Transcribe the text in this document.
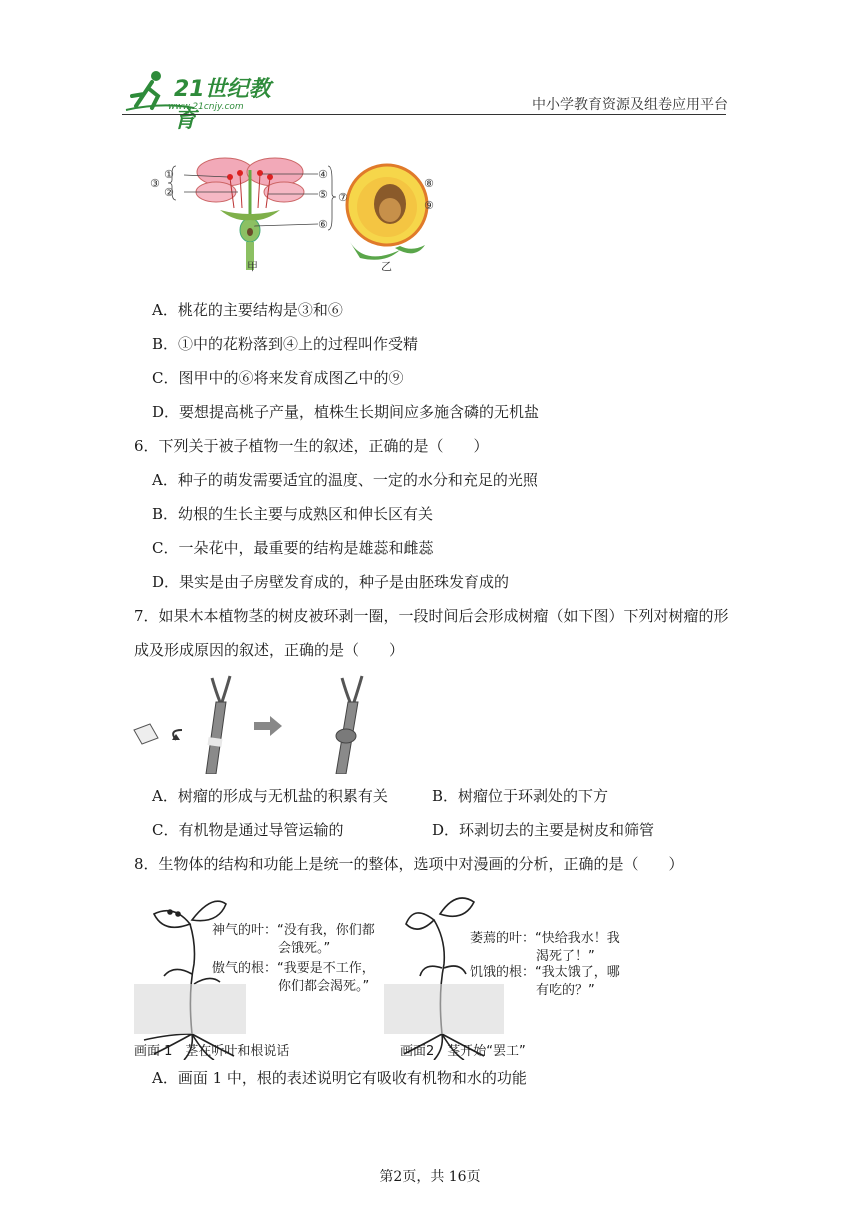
21世纪教育
www.21cnjy.com	中小学教育资源及组卷应用平台
①
②
③
④
⑤ ⑦
⑥
⑧
⑨
甲	乙
A．桃花的主要结构是③和⑥
B．①中的花粉落到④上的过程叫作受精
C．图甲中的⑥将来发育成图乙中的⑨
D．要想提高桃子产量，植株生长期间应多施含磷的无机盐
6．下列关于被子植物一生的叙述，正确的是（　　）
A．种子的萌发需要适宜的温度、一定的水分和充足的光照
B．幼根的生长主要与成熟区和伸长区有关
C．一朵花中，最重要的结构是雄蕊和雌蕊
D．果实是由子房壁发育成的，种子是由胚珠发育成的
7．如果木本植物茎的树皮被环剥一圈，一段时间后会形成树瘤（如下图）下列对树瘤的形
成及形成原因的叙述，正确的是（　　）
A．树瘤的形成与无机盐的积累有关	B．树瘤位于环剥处的下方
C．有机物是通过导管运输的	D．环剥切去的主要是树皮和筛管
8．生物体的结构和功能上是统一的整体，选项中对漫画的分析，正确的是（　　）
神气的叶：“没有我，你们都
会饿死。”
傲气的根：“我要是不工作，
你们都会渴死。”
画面 1　茎在听叶和根说话
萎蔫的叶：“快给我水！我
渴死了！”
饥饿的根：“我太饿了，哪
有吃的？”
画面2　茎开始“罢工”
A．画面 1 中，根的表述说明它有吸收有机物和水的功能
第2页，共 16页
